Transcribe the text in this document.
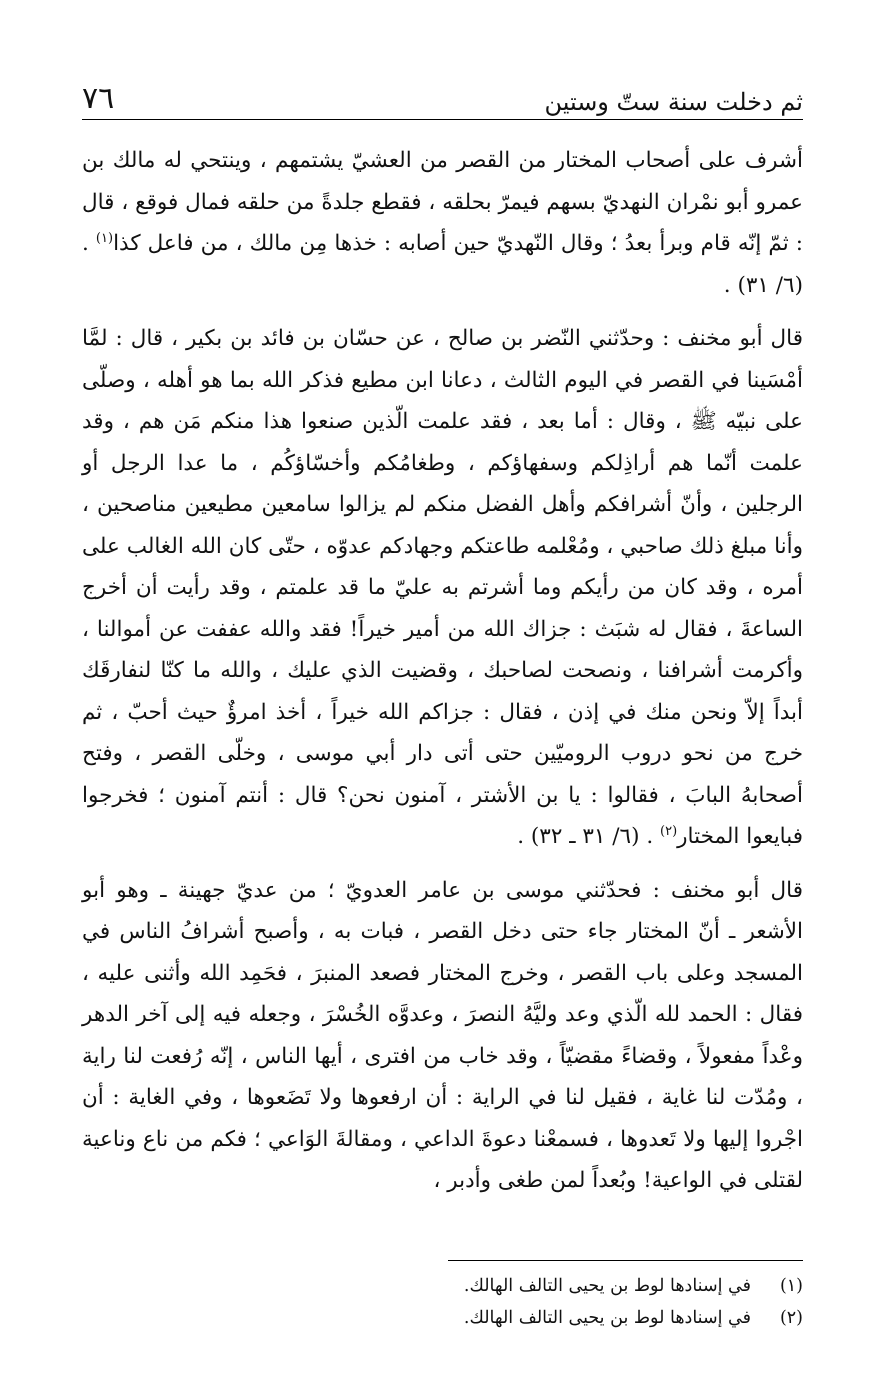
ثم دخلت سنة ستّ وستين
٧٦

أشرف على أصحاب المختار من القصر من العشيّ يشتمهم ، وينتحي له مالك بن عمرو أبو نمْران النهديّ بسهم فيمرّ بحلقه ، فقطع جلدةً من حلقه فمال فوقع ، قال : ثمّ إنّه قام وبرأ بعدُ ؛ وقال النّهديّ حين أصابه : خذها مِن مالك ، من فاعل كذا$^{(١)}$ . (٦/ ٣١) .

قال أبو مخنف : وحدّثني النّضر بن صالح ، عن حسّان بن فائد بن بكير ، قال : لمَّا أمْسَينا في القصر في اليوم الثالث ، دعانا ابن مطيع فذكر الله بما هو أهله ، وصلّى على نبيّه ﷺ ، وقال : أما بعد ، فقد علمت الّذين صنعوا هذا منكم مَن هم ، وقد علمت أنّما هم أراذِلكم وسفهاؤكم ، وطغامُكم وأخسّاؤكُم ، ما عدا الرجل أو الرجلين ، وأنّ أشرافكم وأهل الفضل منكم لم يزالوا سامعين مطيعين مناصحين ، وأنا مبلغ ذلك صاحبي ، ومُعْلمه طاعتكم وجهادكم عدوّه ، حتّى كان الله الغالب على أمره ، وقد كان من رأيكم وما أشرتم به عليّ ما قد علمتم ، وقد رأيت أن أخرج الساعةَ ، فقال له شبَث : جزاك الله من أمير خيراً! فقد والله عففت عن أموالنا ، وأكرمت أشرافنا ، ونصحت لصاحبك ، وقضيت الذي عليك ، والله ما كنّا لنفارقَك أبداً إلاّ ونحن منك في إذن ، فقال : جزاكم الله خيراً ، أخذ امرؤٌ حيث أحبّ ، ثم خرج من نحو دروب الروميّين حتى أتى دار أبي موسى ، وخلّى القصر ، وفتح أصحابهُ البابَ ، فقالوا : يا بن الأشتر ، آمنون نحن؟ قال : أنتم آمنون ؛ فخرجوا فبايعوا المختار$^{(٢)}$ . (٦/ ٣١ ـ ٣٢) .

قال أبو مخنف : فحدّثني موسى بن عامر العدويّ ؛ من عديّ جهينة ـ وهو أبو الأشعر ـ أنّ المختار جاء حتى دخل القصر ، فبات به ، وأصبح أشرافُ الناس في المسجد وعلى باب القصر ، وخرج المختار فصعد المنبرَ ، فحَمِد الله وأثنى عليه ، فقال : الحمد لله الّذي وعد وليَّهُ النصرَ ، وعدوَّه الخُسْرَ ، وجعله فيه إلى آخر الدهر وعْداً مفعولاً ، وقضاءً مقضيّاً ، وقد خاب من افترى ، أيها الناس ، إنّه رُفعت لنا راية ، ومُدّت لنا غاية ، فقيل لنا في الراية : أن ارفعوها ولا تَضَعوها ، وفي الغاية : أن اجْروا إليها ولا تَعدوها ، فسمعْنا دعوةَ الداعي ، ومقالةَ الوَاعي ؛ فكم من ناع وناعية لقتلى في الواعية! وبُعداً لمن طغى وأدبر ،

(١)
في إسنادها لوط بن يحيى التالف الهالك.
(٢)
في إسنادها لوط بن يحيى التالف الهالك.
